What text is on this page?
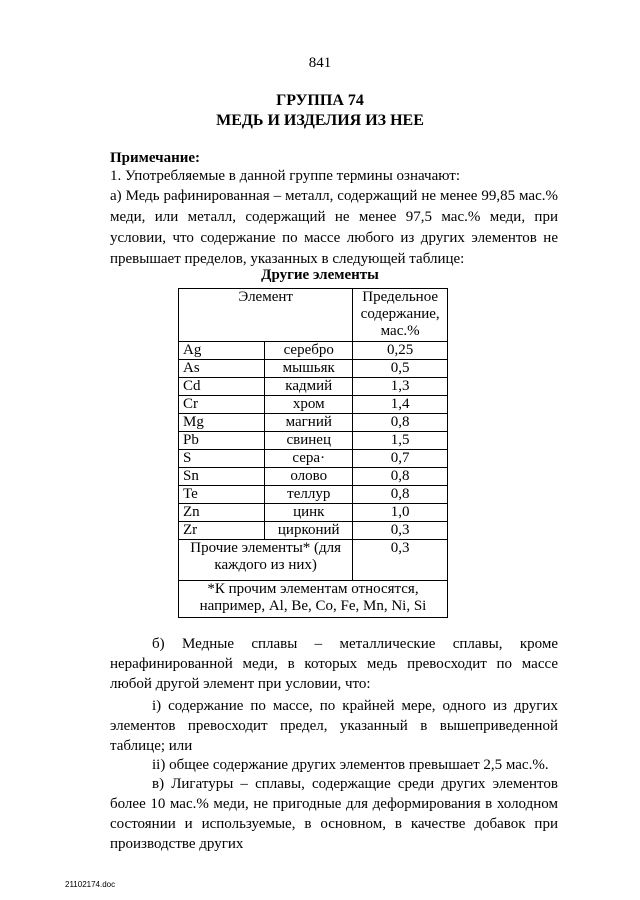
841
ГРУППА 74
МЕДЬ И ИЗДЕЛИЯ ИЗ НЕЕ
Примечание:
1. Употребляемые в данной группе термины означают:
а) Медь рафинированная – металл, содержащий не менее 99,85 мас.% меди, или металл, содержащий не менее 97,5 мас.% меди, при условии, что содержание по массе любого из других элементов не превышает пределов, указанных в следующей таблице:
Другие элементы
Элемент		Предельное содержание, мас.%
Ag	серебро	0,25
As	мышьяк	0,5
Cd	кадмий	1,3
Cr	хром	1,4
Mg	магний	0,8
Pb	свинец	1,5
S	сера·	0,7
Sn	олово	0,8
Te	теллур	0,8
Zn	цинк	1,0
Zr	цирконий	0,3
Прочие элементы* (для каждого из них)		0,3
*К прочим элементам относятся, например, Al, Be, Co, Fe, Mn, Ni, Si		
б) Медные сплавы – металлические сплавы, кроме нерафинированной меди, в которых медь превосходит по массе любой другой элемент при условии, что:
i) содержание по массе, по крайней мере, одного из других элементов превосходит предел, указанный в вышеприведенной таблице; или
ii) общее содержание других элементов превышает 2,5 мас.%.
в) Лигатуры – сплавы, содержащие среди других элементов более 10 мас.% меди, не пригодные для деформирования в холодном состоянии и используемые, в основном, в качестве добавок при производстве других
21102174.doc
